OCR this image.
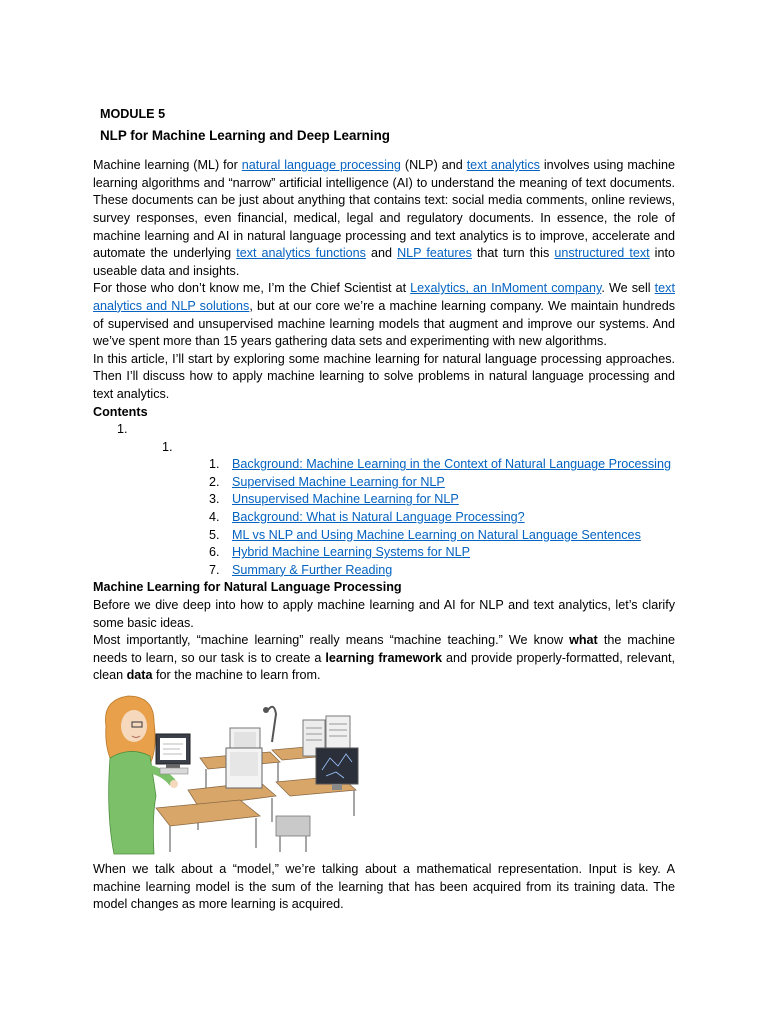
MODULE 5
NLP for Machine Learning and Deep Learning

Machine learning (ML) for natural language processing (NLP) and text analytics involves using machine learning algorithms and “narrow” artificial intelligence (AI) to understand the meaning of text documents. These documents can be just about anything that contains text: social media comments, online reviews, survey responses, even financial, medical, legal and regulatory documents. In essence, the role of machine learning and AI in natural language processing and text analytics is to improve, accelerate and automate the underlying text analytics functions and NLP features that turn this unstructured text into useable data and insights.

For those who don’t know me, I’m the Chief Scientist at Lexalytics, an InMoment company. We sell text analytics and NLP solutions, but at our core we’re a machine learning company. We maintain hundreds of supervised and unsupervised machine learning models that augment and improve our systems. And we’ve spent more than 15 years gathering data sets and experimenting with new algorithms.

In this article, I’ll start by exploring some machine learning for natural language processing approaches. Then I’ll discuss how to apply machine learning to solve problems in natural language processing and text analytics.

Contents
1.
1.
1. Background: Machine Learning in the Context of Natural Language Processing
2. Supervised Machine Learning for NLP
3. Unsupervised Machine Learning for NLP
4. Background: What is Natural Language Processing?
5. ML vs NLP and Using Machine Learning on Natural Language Sentences
6. Hybrid Machine Learning Systems for NLP
7. Summary & Further Reading
Machine Learning for Natural Language Processing

Before we dive deep into how to apply machine learning and AI for NLP and text analytics, let’s clarify some basic ideas.

Most importantly, “machine learning” really means “machine teaching.” We know what the machine needs to learn, so our task is to create a learning framework and provide properly-formatted, relevant, clean data for the machine to learn from.

When we talk about a “model,” we’re talking about a mathematical representation. Input is key. A machine learning model is the sum of the learning that has been acquired from its training data. The model changes as more learning is acquired.
